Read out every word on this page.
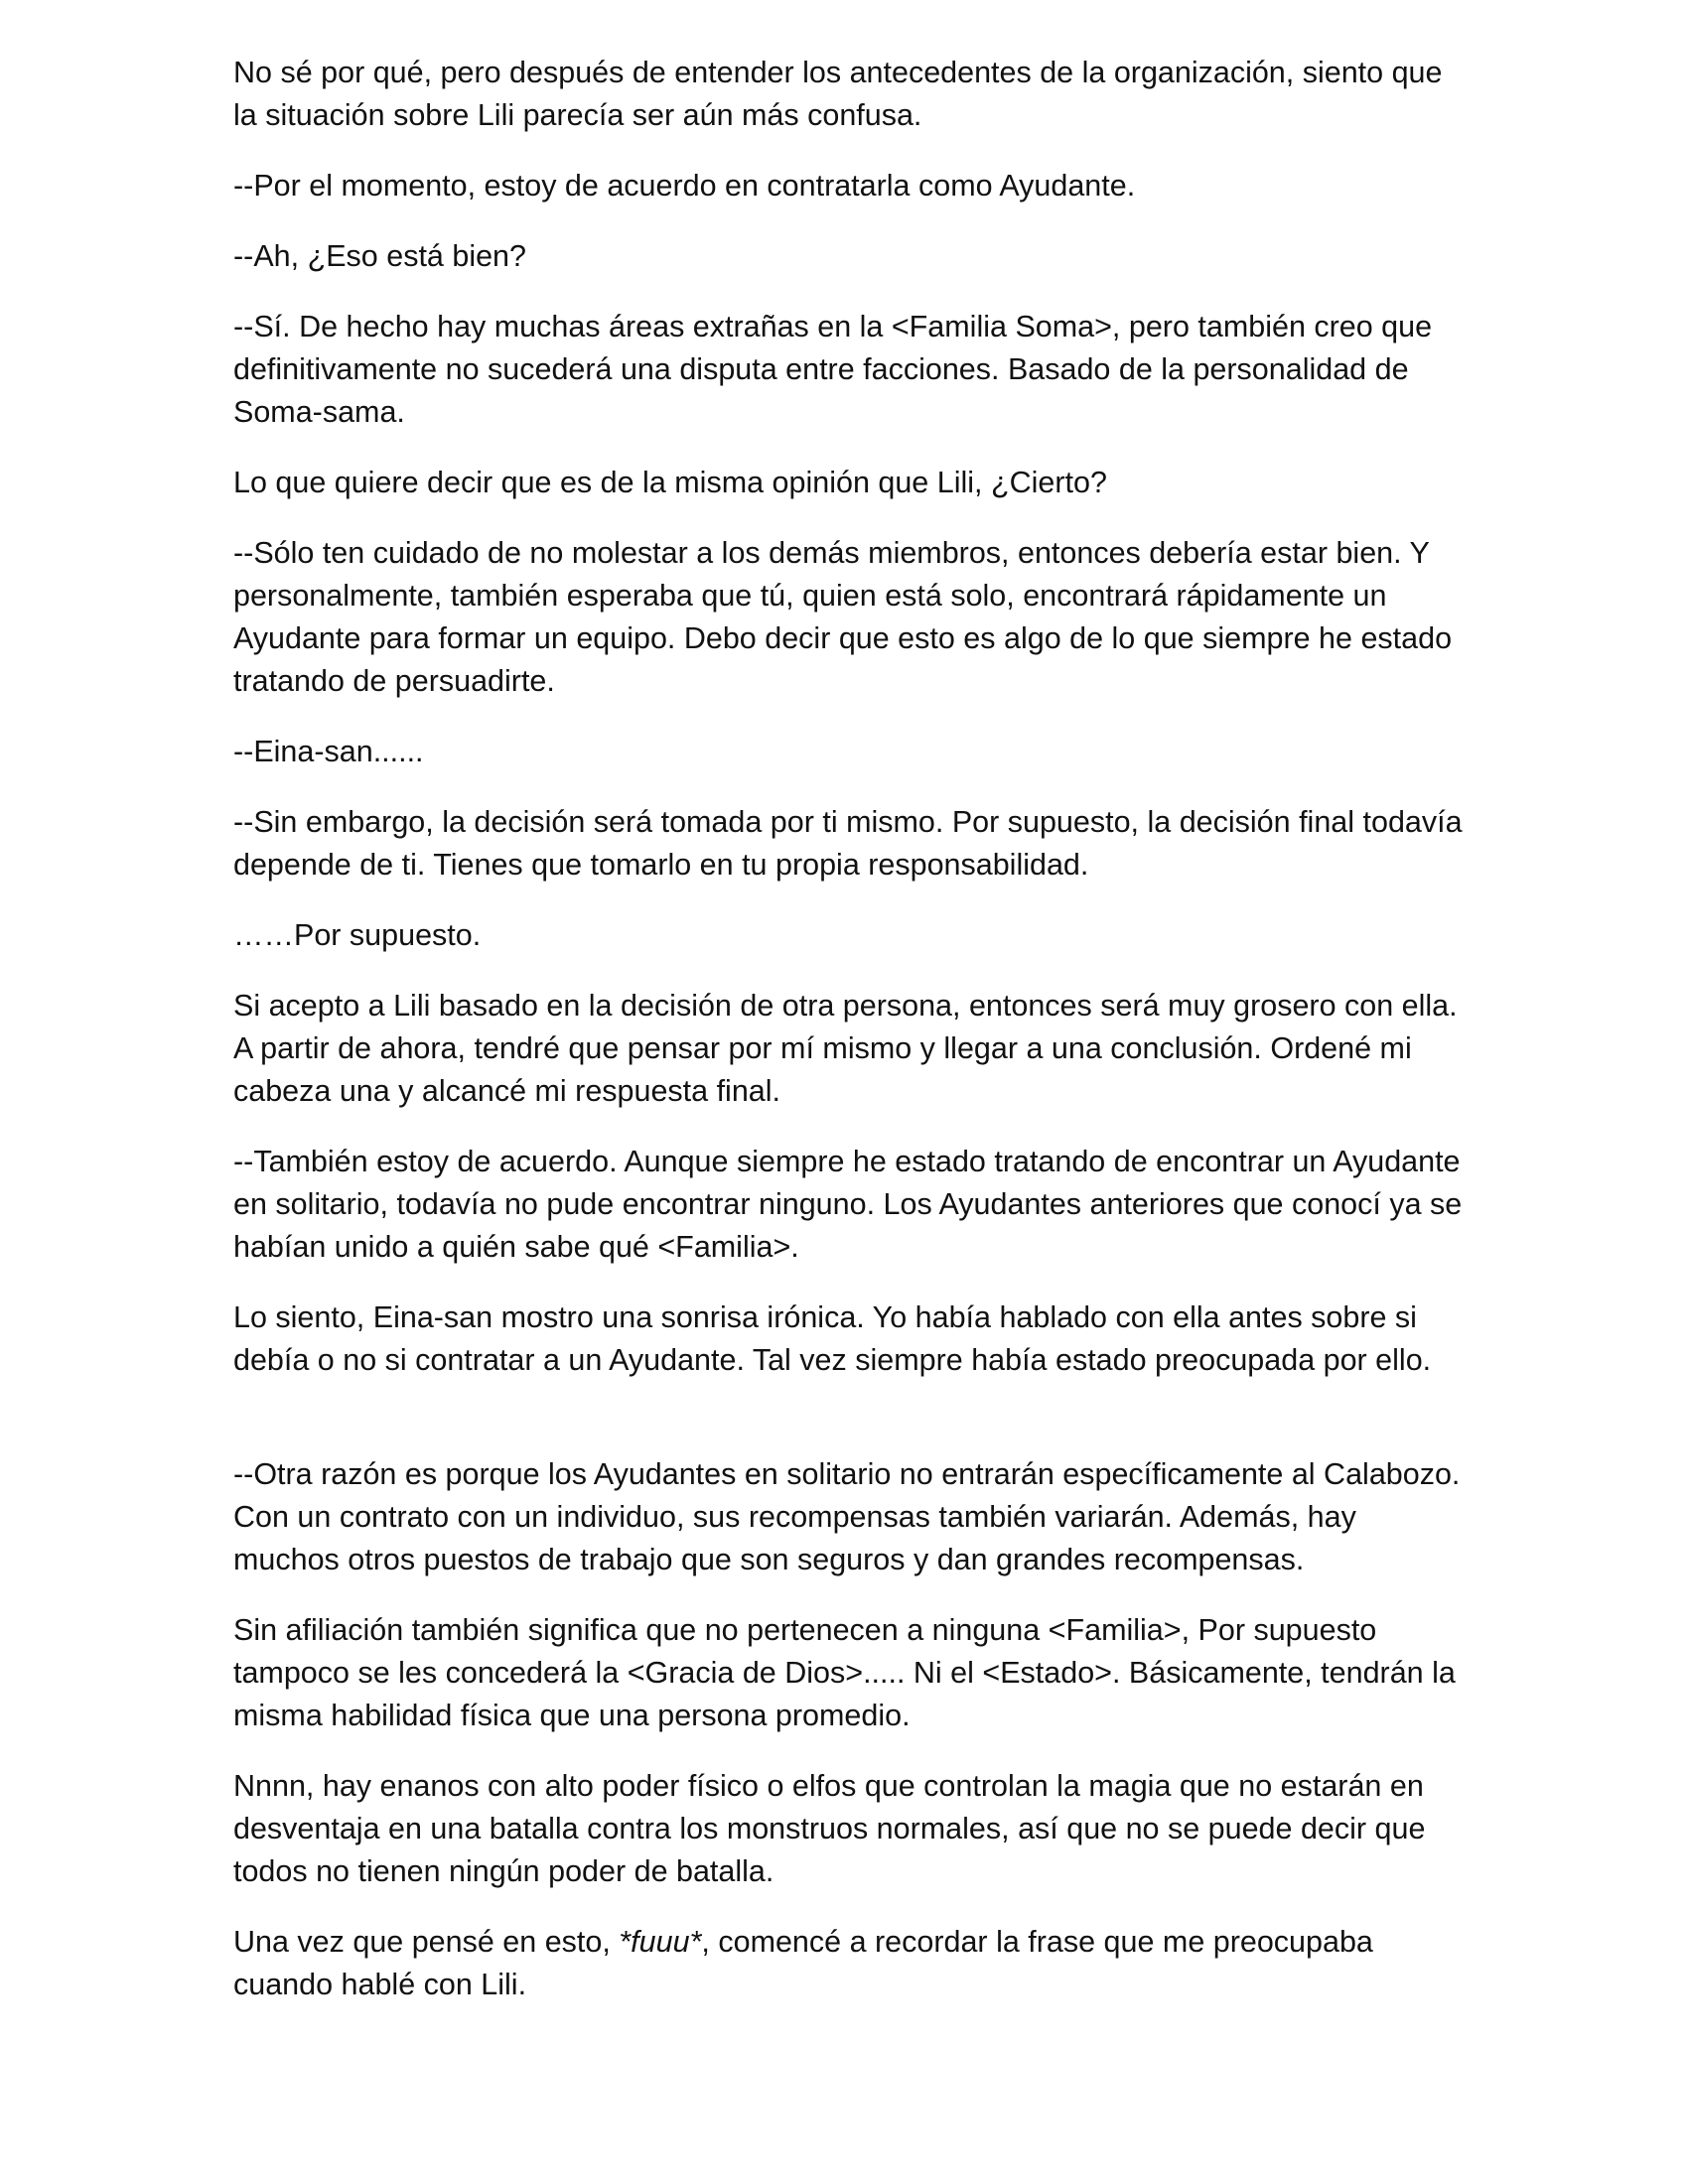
No sé por qué, pero después de entender los antecedentes de la organización, siento que la situación sobre Lili parecía ser aún más confusa.

--Por el momento, estoy de acuerdo en contratarla como Ayudante.

--Ah, ¿Eso está bien?

--Sí. De hecho hay muchas áreas extrañas en la <Familia Soma>, pero también creo que definitivamente no sucederá una disputa entre facciones. Basado de la personalidad de Soma-sama.

Lo que quiere decir que es de la misma opinión que Lili, ¿Cierto?

--Sólo ten cuidado de no molestar a los demás miembros, entonces debería estar bien. Y personalmente, también esperaba que tú, quien está solo, encontrará rápidamente un Ayudante para formar un equipo. Debo decir que esto es algo de lo que siempre he estado tratando de persuadirte.

--Eina-san......

--Sin embargo, la decisión será tomada por ti mismo. Por supuesto, la decisión final todavía depende de ti. Tienes que tomarlo en tu propia responsabilidad.

……Por supuesto.

Si acepto a Lili basado en la decisión de otra persona, entonces será muy grosero con ella. A partir de ahora, tendré que pensar por mí mismo y llegar a una conclusión. Ordené mi cabeza una y alcancé mi respuesta final.

--También estoy de acuerdo. Aunque siempre he estado tratando de encontrar un Ayudante en solitario, todavía no pude encontrar ninguno. Los Ayudantes anteriores que conocí ya se habían unido a quién sabe qué <Familia>.

Lo siento, Eina-san mostro una sonrisa irónica. Yo había hablado con ella antes sobre si debía o no si contratar a un Ayudante. Tal vez siempre había estado preocupada por ello.

--Otra razón es porque los Ayudantes en solitario no entrarán específicamente al Calabozo. Con un contrato con un individuo, sus recompensas también variarán. Además, hay muchos otros puestos de trabajo que son seguros y dan grandes recompensas.

Sin afiliación también significa que no pertenecen a ninguna <Familia>, Por supuesto tampoco se les concederá la <Gracia de Dios>..... Ni el <Estado>. Básicamente, tendrán la misma habilidad física que una persona promedio.

Nnnn, hay enanos con alto poder físico o elfos que controlan la magia que no estarán en desventaja en una batalla contra los monstruos normales, así que no se puede decir que todos no tienen ningún poder de batalla.

Una vez que pensé en esto, *fuuu*, comencé a recordar la frase que me preocupaba cuando hablé con Lili.
